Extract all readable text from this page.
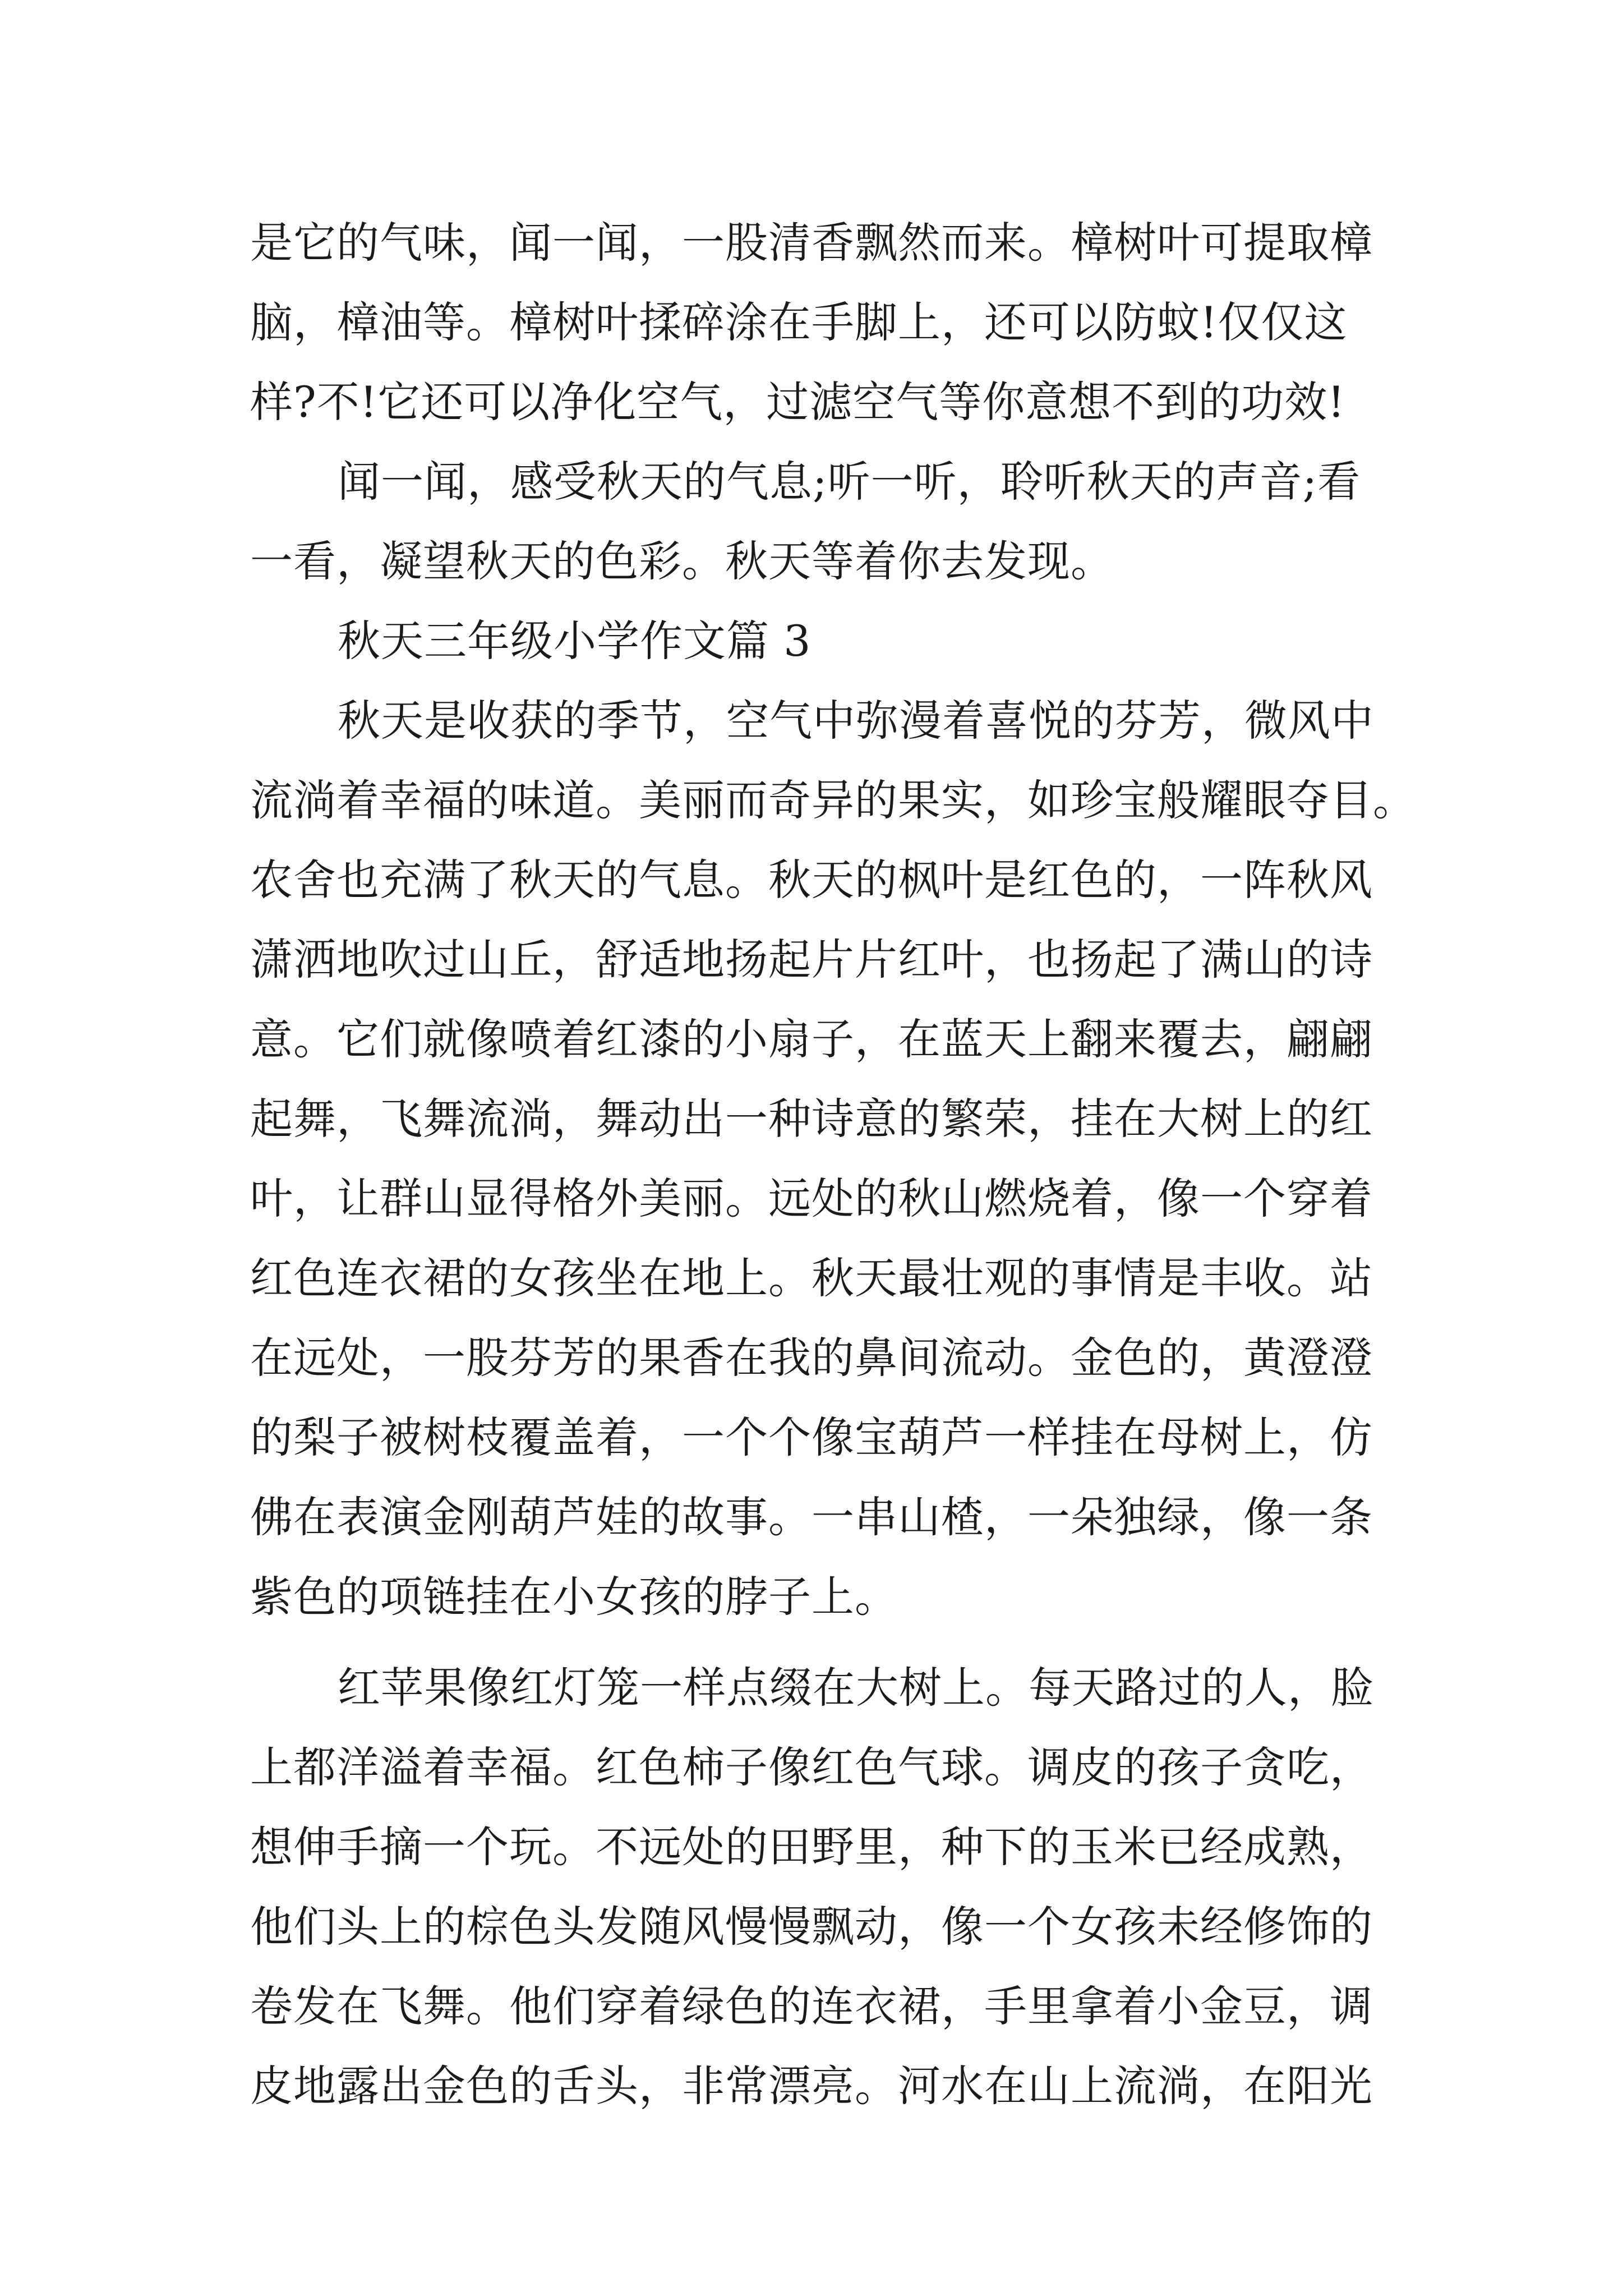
是它的气味，闻一闻，一股清香飘然而来。樟树叶可提取樟
脑，樟油等。樟树叶揉碎涂在手脚上，还可以防蚊!仅仅这
样?不!它还可以净化空气，过滤空气等你意想不到的功效!
闻一闻，感受秋天的气息;听一听，聆听秋天的声音;看
一看，凝望秋天的色彩。秋天等着你去发现。
秋天三年级小学作文篇 3
秋天是收获的季节，空气中弥漫着喜悦的芬芳，微风中
流淌着幸福的味道。美丽而奇异的果实，如珍宝般耀眼夺目。
农舍也充满了秋天的气息。秋天的枫叶是红色的，一阵秋风
潇洒地吹过山丘，舒适地扬起片片红叶，也扬起了满山的诗
意。它们就像喷着红漆的小扇子，在蓝天上翻来覆去，翩翩
起舞，飞舞流淌，舞动出一种诗意的繁荣，挂在大树上的红
叶，让群山显得格外美丽。远处的秋山燃烧着，像一个穿着
红色连衣裙的女孩坐在地上。秋天最壮观的事情是丰收。站
在远处，一股芬芳的果香在我的鼻间流动。金色的，黄澄澄
的梨子被树枝覆盖着，一个个像宝葫芦一样挂在母树上，仿
佛在表演金刚葫芦娃的故事。一串山楂，一朵独绿，像一条
紫色的项链挂在小女孩的脖子上。
红苹果像红灯笼一样点缀在大树上。每天路过的人，脸
上都洋溢着幸福。红色柿子像红色气球。调皮的孩子贪吃，
想伸手摘一个玩。不远处的田野里，种下的玉米已经成熟，
他们头上的棕色头发随风慢慢飘动，像一个女孩未经修饰的
卷发在飞舞。他们穿着绿色的连衣裙，手里拿着小金豆，调
皮地露出金色的舌头，非常漂亮。河水在山上流淌，在阳光
